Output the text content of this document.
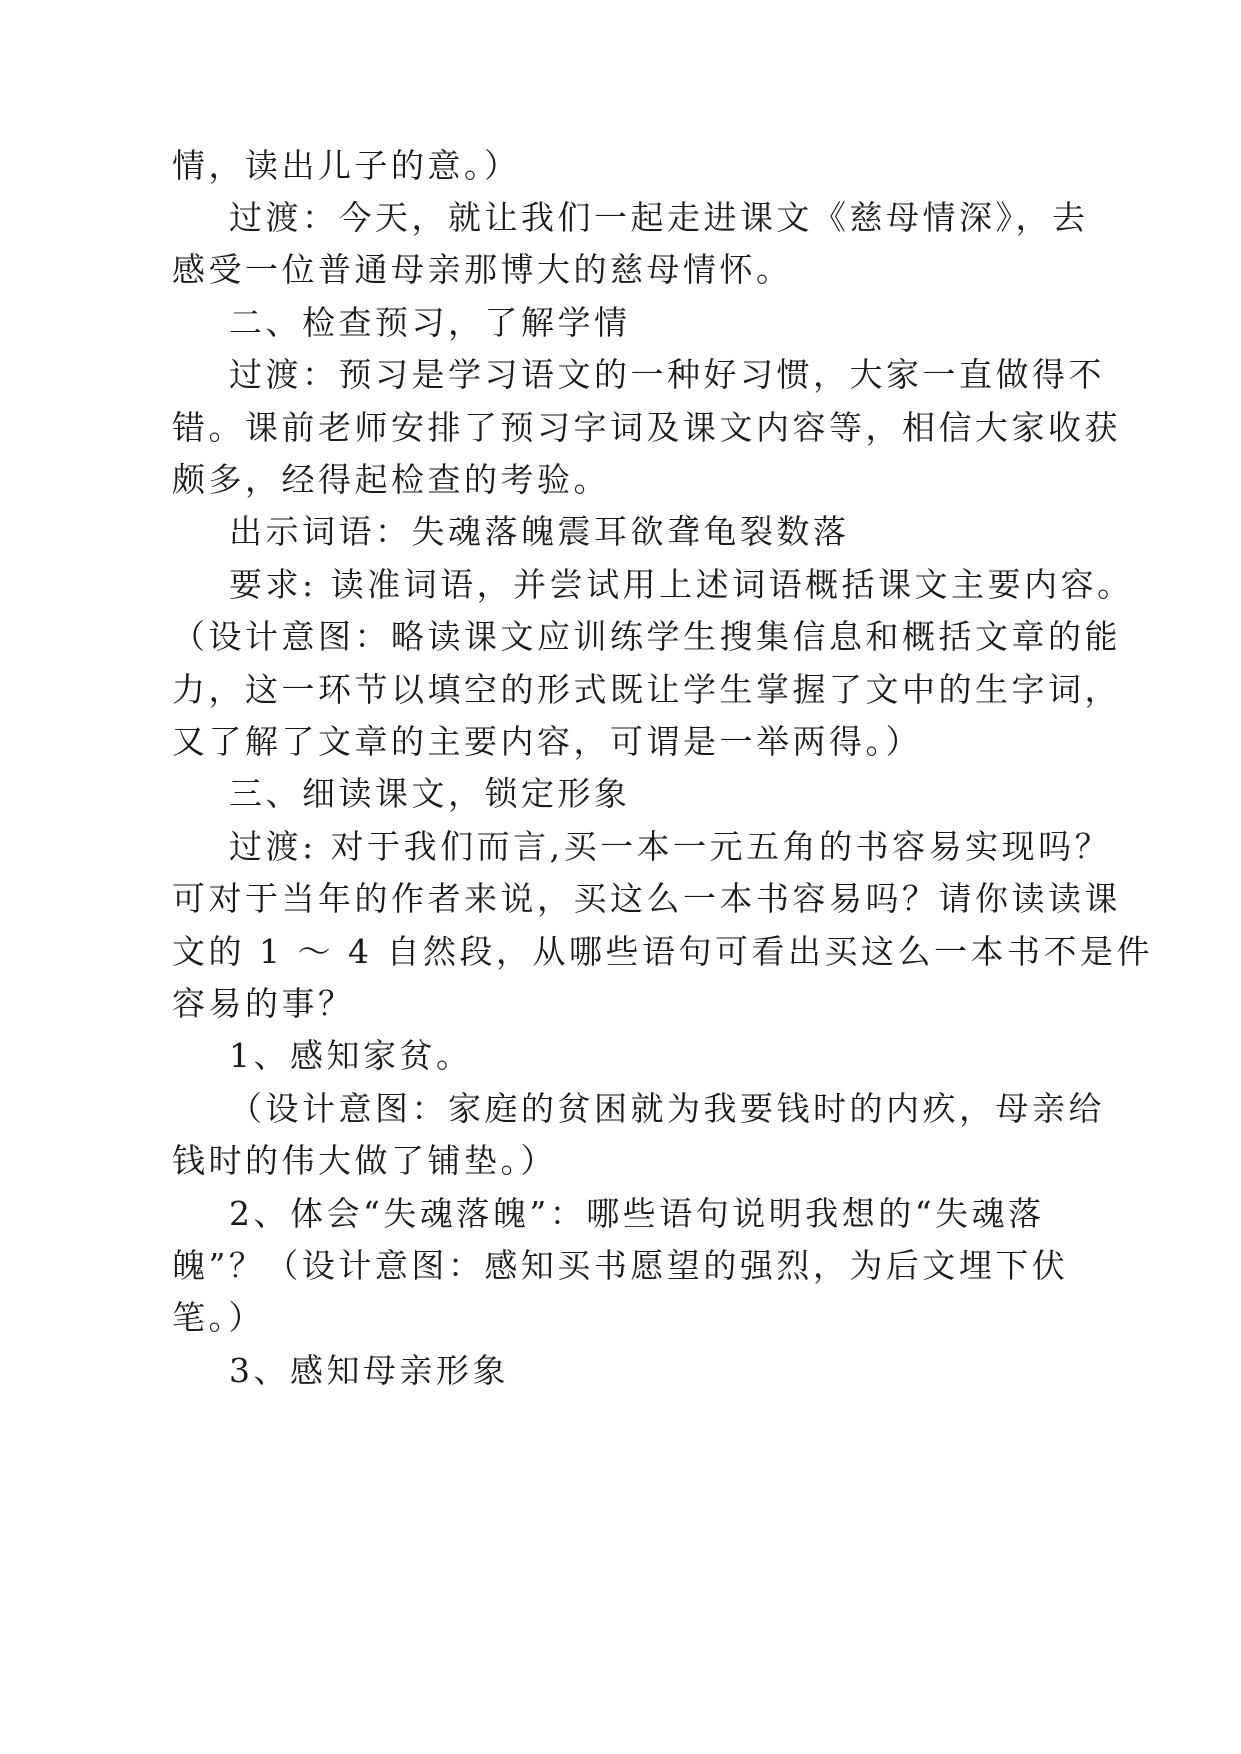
情，读出儿子的意。）
过渡：今天，就让我们一起走进课文《慈母情深》，去
感受一位普通母亲那博大的慈母情怀。
二、检查预习，了解学情
过渡：预习是学习语文的一种好习惯，大家一直做得不
错。课前老师安排了预习字词及课文内容等，相信大家收获
颇多，经得起检查的考验。
出示词语：失魂落魄震耳欲聋龟裂数落
要求: 读准词语，并尝试用上述词语概括课文主要内容。
（设计意图：略读课文应训练学生搜集信息和概括文章的能
力，这一环节以填空的形式既让学生掌握了文中的生字词，
又了解了文章的主要内容，可谓是一举两得。）
三、细读课文，锁定形象
过渡: 对于我们而言,买一本一元五角的书容易实现吗？
可对于当年的作者来说，买这么一本书容易吗？请你读读课
文的 1 ～ 4 自然段，从哪些语句可看出买这么一本书不是件
容易的事？
1、感知家贫。
（设计意图：家庭的贫困就为我要钱时的内疚，母亲给
钱时的伟大做了铺垫。）
2、体会“失魂落魄”：哪些语句说明我想的“失魂落
魄”？（设计意图：感知买书愿望的强烈，为后文埋下伏
笔。）
3、感知母亲形象
